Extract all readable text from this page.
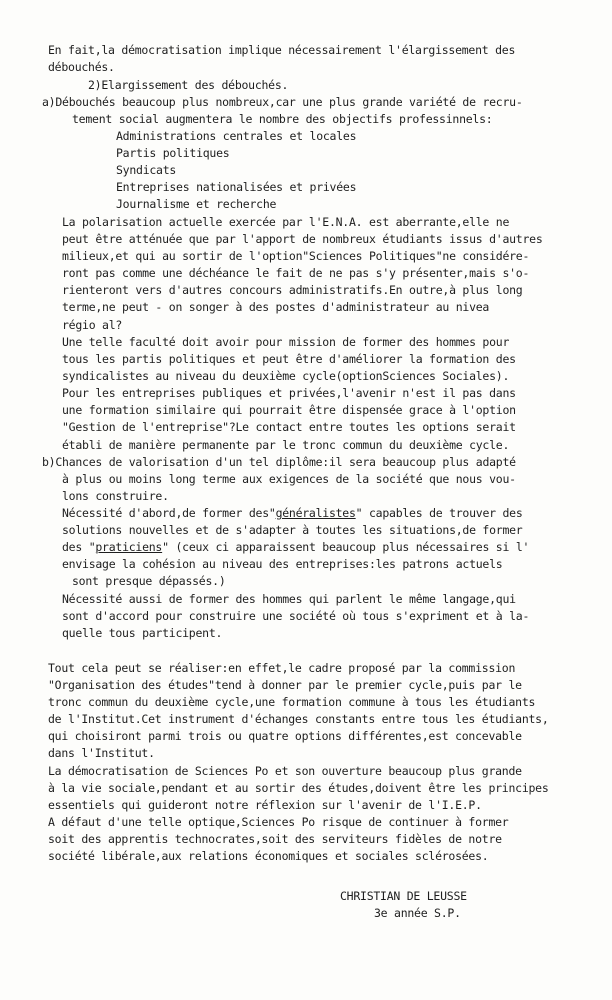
En fait,la démocratisation implique nécessairement l'élargissement des

débouchés.

2)Elargissement des débouchés.

a)Débouchés beaucoup plus nombreux,car une plus grande variété de recru-

tement social augmentera le nombre des objectifs professinnels:

Administrations centrales et locales

Partis politiques

Syndicats

Entreprises nationalisées et privées

Journalisme et recherche

La polarisation actuelle exercée par l'E.N.A. est aberrante,elle ne

peut être atténuée que par l'apport de nombreux étudiants issus d'autres

milieux,et qui au sortir de l'option"Sciences Politiques"ne considére-

ront pas comme une déchéance le fait de ne pas s'y présenter,mais s'o-

rienteront vers d'autres concours administratifs.En outre,à plus long

terme,ne peut - on songer à des postes d'administrateur au nivea

régio al?

Une telle faculté doit avoir pour mission de former des hommes pour

tous les partis politiques et peut être d'améliorer la formation des

syndicalistes au niveau du deuxième cycle(optionSciences Sociales).

Pour les entreprises publiques et privées,l'avenir n'est il pas dans

une formation similaire qui pourrait être dispensée grace à l'option

"Gestion de l'entreprise"?Le contact entre toutes les options serait

établi de manière permanente par le tronc commun du deuxième cycle.

b)Chances de valorisation d'un tel diplôme:il sera beaucoup plus adapté

à plus ou moins long terme aux exigences de la société que nous vou-

lons construire.

Nécessité d'abord,de former des"généralistes" capables de trouver des

solutions nouvelles et de s'adapter à toutes les situations,de former

des "praticiens" (ceux ci apparaissent beaucoup plus nécessaires si l'

envisage la cohésion au niveau des entreprises:les patrons actuels

sont presque dépassés.)

Nécessité aussi de former des hommes qui parlent le même langage,qui

sont d'accord pour construire une société où tous s'expriment et à la-

quelle tous participent.

Tout cela peut se réaliser:en effet,le cadre proposé par la commission

"Organisation des études"tend à donner par le premier cycle,puis par le

tronc commun du deuxième cycle,une formation commune à tous les étudiants

de l'Institut.Cet instrument d'échanges constants entre tous les étudiants,

qui choisiront parmi trois ou quatre options différentes,est concevable

dans l'Institut.

La démocratisation de Sciences Po et son ouverture beaucoup plus grande

à la vie sociale,pendant et au sortir des études,doivent être les principes

essentiels qui guideront notre réflexion sur l'avenir de l'I.E.P.

A défaut d'une telle optique,Sciences Po risque de continuer à former

soit des apprentis technocrates,soit des serviteurs fidèles de notre

société libérale,aux relations économiques et sociales sclérosées.

CHRISTIAN DE LEUSSE

3e année S.P.
